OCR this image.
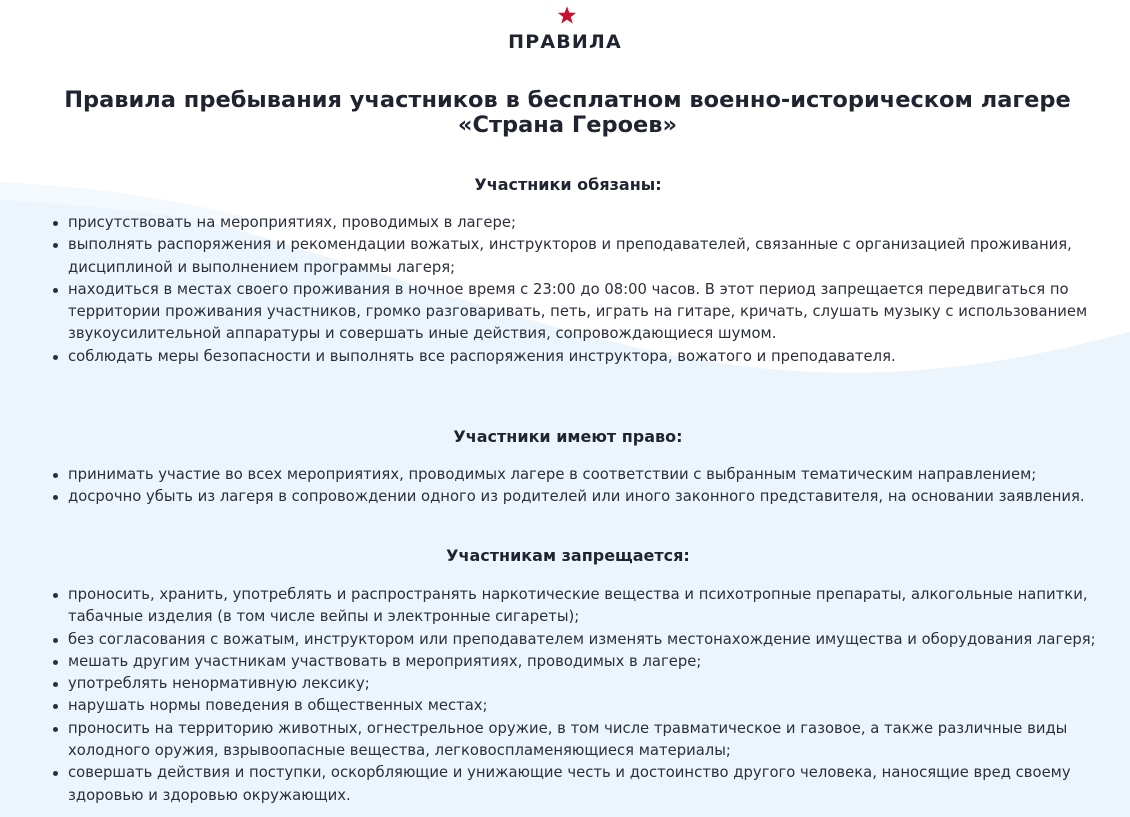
ПРАВИЛА
Правила пребывания участников в бесплатном военно-историческом лагере «Страна Героев»
Участники обязаны:
присутствовать на мероприятиях, проводимых в лагере;
выполнять распоряжения и рекомендации вожатых, инструкторов и преподавателей, связанные с организацией проживания, дисциплиной и выполнением программы лагеря;
находиться в местах своего проживания в ночное время с 23:00 до 08:00 часов. В этот период запрещается передвигаться по территории проживания участников, громко разговаривать, петь, играть на гитаре, кричать, слушать музыку с использованием звукоусилительной аппаратуры и совершать иные действия, сопровождающиеся шумом.
соблюдать меры безопасности и выполнять все распоряжения инструктора, вожатого и преподавателя.
Участники имеют право:
принимать участие во всех мероприятиях, проводимых лагере в соответствии с выбранным тематическим направлением;
досрочно убыть из лагеря в сопровождении одного из родителей или иного законного представителя, на основании заявления.
Участникам запрещается:
проносить, хранить, употреблять и распространять наркотические вещества и психотропные препараты, алкогольные напитки, табачные изделия (в том числе вейпы и электронные сигареты);
без согласования с вожатым, инструктором или преподавателем изменять местонахождение имущества и оборудования лагеря;
мешать другим участникам участвовать в мероприятиях, проводимых в лагере;
употреблять ненормативную лексику;
нарушать нормы поведения в общественных местах;
проносить на территорию животных, огнестрельное оружие, в том числе травматическое и газовое, а также различные виды холодного оружия, взрывоопасные вещества, легковоспламеняющиеся материалы;
совершать действия и поступки, оскорбляющие и унижающие честь и достоинство другого человека, наносящие вред своему здоровью и здоровью окружающих.
